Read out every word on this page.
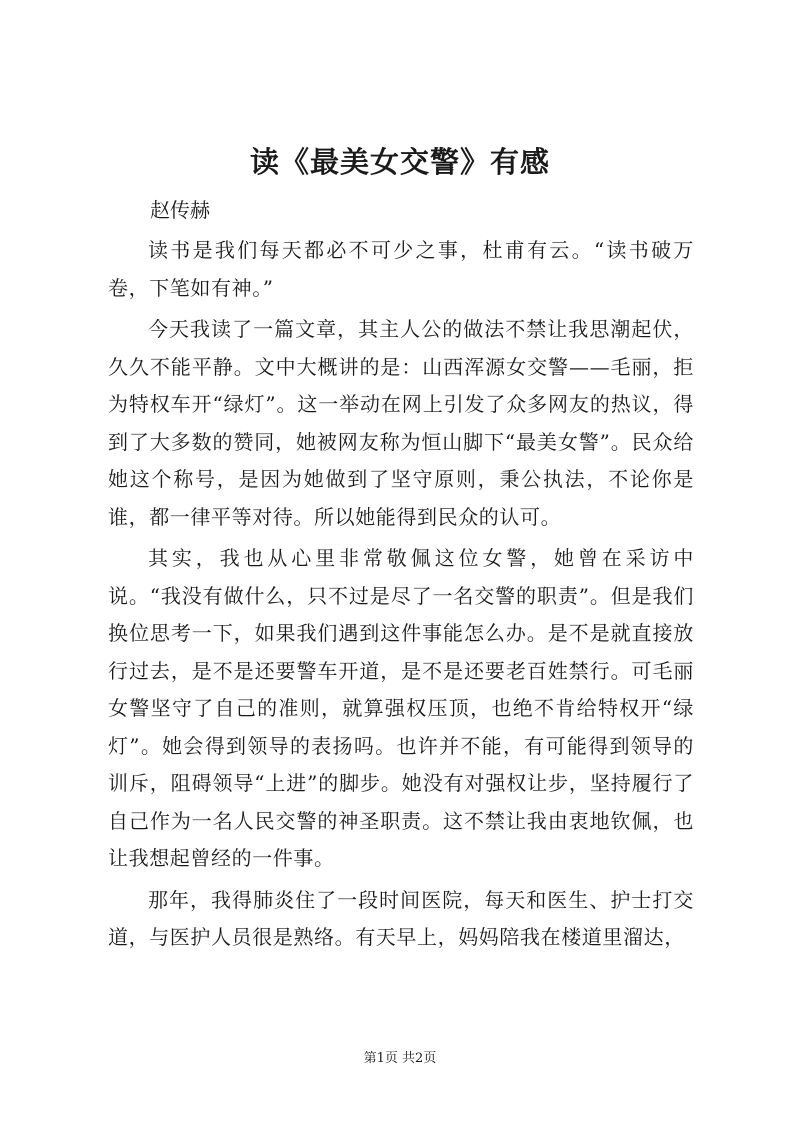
读《最美女交警》有感

赵传赫

读书是我们每天都必不可少之事，杜甫有云。“读书破万卷，下笔如有神。”

今天我读了一篇文章，其主人公的做法不禁让我思潮起伏，久久不能平静。文中大概讲的是：山西浑源女交警——毛丽，拒为特权车开“绿灯”。这一举动在网上引发了众多网友的热议，得到了大多数的赞同，她被网友称为恒山脚下“最美女警”。民众给她这个称号，是因为她做到了坚守原则，秉公执法，不论你是谁，都一律平等对待。所以她能得到民众的认可。

其实，我也从心里非常敬佩这位女警，她曾在采访中说。“我没有做什么，只不过是尽了一名交警的职责”。但是我们换位思考一下，如果我们遇到这件事能怎么办。是不是就直接放行过去，是不是还要警车开道，是不是还要老百姓禁行。可毛丽女警坚守了自己的准则，就算强权压顶，也绝不肯给特权开“绿灯”。她会得到领导的表扬吗。也许并不能，有可能得到领导的训斥，阻碍领导“上进”的脚步。她没有对强权让步，坚持履行了自己作为一名人民交警的神圣职责。这不禁让我由衷地钦佩，也让我想起曾经的一件事。

那年，我得肺炎住了一段时间医院，每天和医生、护士打交道，与医护人员很是熟络。有天早上，妈妈陪我在楼道里溜达，

第1页 共2页
